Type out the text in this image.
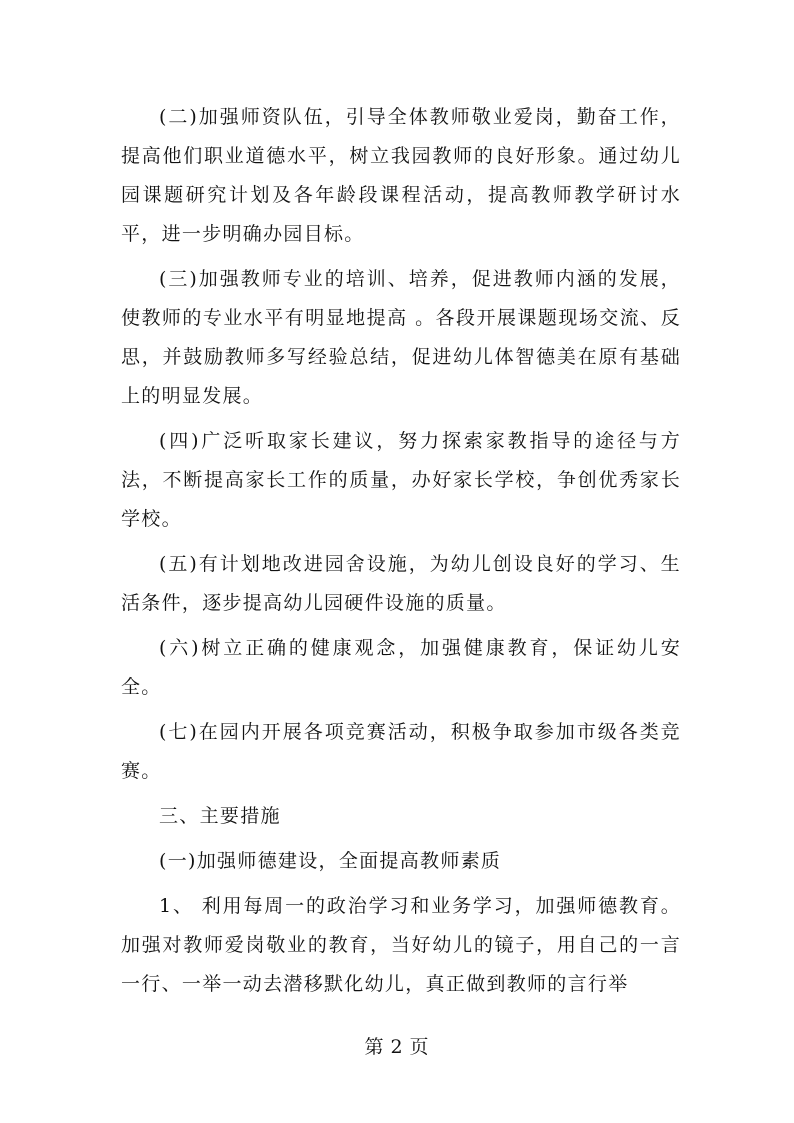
(二)加强师资队伍，引导全体教师敬业爱岗，勤奋工作，提高他们职业道德水平，树立我园教师的良好形象。通过幼儿园课题研究计划及各年龄段课程活动，提高教师教学研讨水平，进一步明确办园目标。

(三)加强教师专业的培训、培养，促进教师内涵的发展，使教师的专业水平有明显地提高 。各段开展课题现场交流、反思，并鼓励教师多写经验总结，促进幼儿体智德美在原有基础上的明显发展。

(四)广泛听取家长建议，努力探索家教指导的途径与方法，不断提高家长工作的质量，办好家长学校，争创优秀家长学校。

(五)有计划地改进园舍设施，为幼儿创设良好的学习、生活条件，逐步提高幼儿园硬件设施的质量。

(六)树立正确的健康观念，加强健康教育，保证幼儿安全。

(七)在园内开展各项竞赛活动，积极争取参加市级各类竞赛。

三、主要措施

(一)加强师德建设，全面提高教师素质

1、 利用每周一的政治学习和业务学习，加强师德教育。加强对教师爱岗敬业的教育，当好幼儿的镜子，用自己的一言一行、一举一动去潜移默化幼儿，真正做到教师的言行举

第 2 页
